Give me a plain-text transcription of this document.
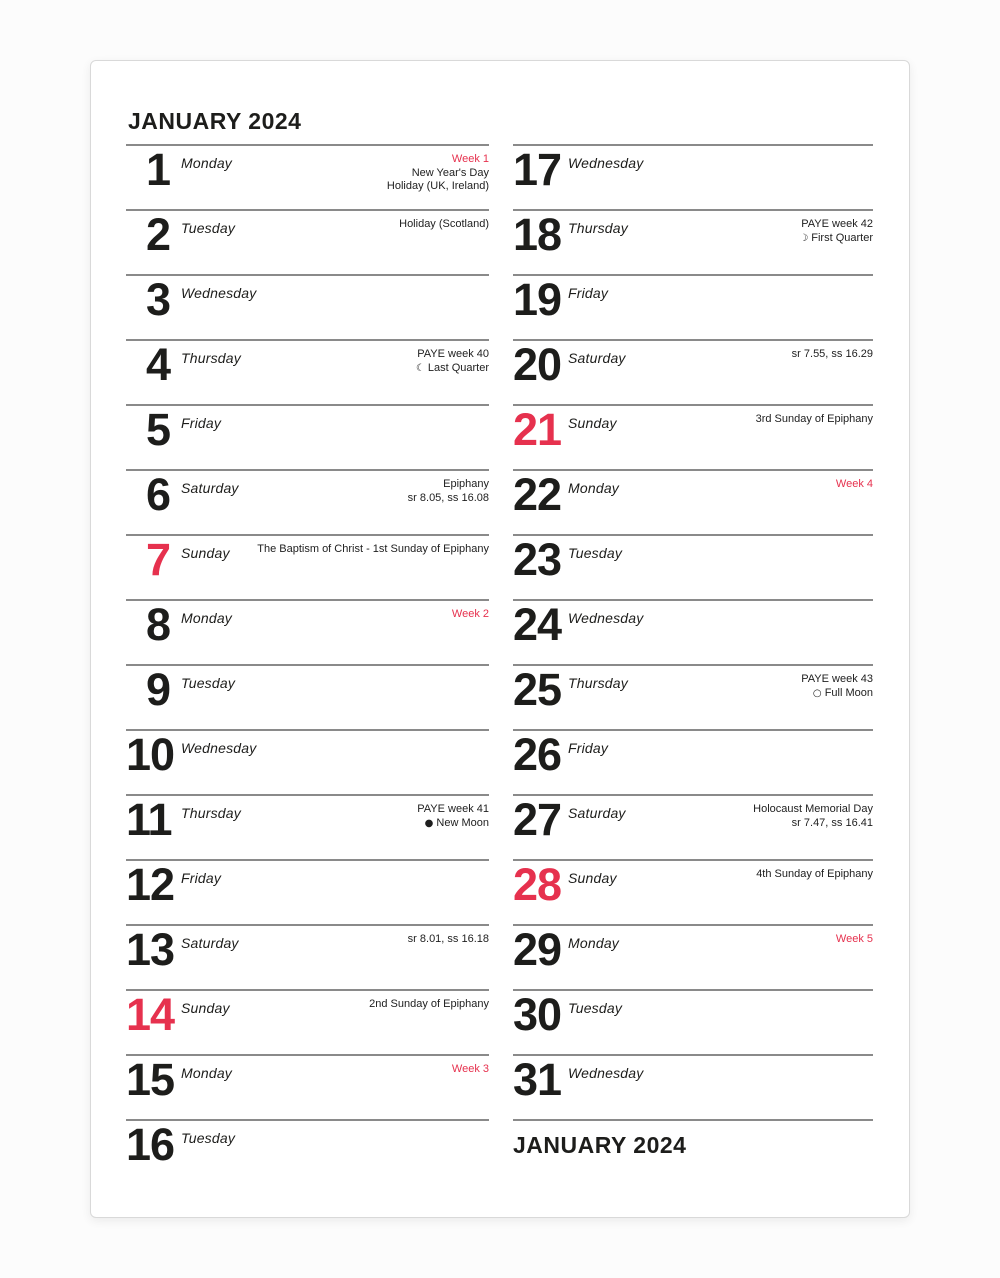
JANUARY 2024
1 Monday	Week 1
New Year's Day
Holiday (UK, Ireland)
2 Tuesday	Holiday (Scotland)
3 Wednesday
4 Thursday	PAYE week 40
☾ Last Quarter
5 Friday
6 Saturday	Epiphany
sr 8.05, ss 16.08
7 Sunday	The Baptism of Christ - 1st Sunday of Epiphany
8 Monday	Week 2
9 Tuesday
10 Wednesday
11 Thursday	PAYE week 41
● New Moon
12 Friday
13 Saturday	sr 8.01, ss 16.18
14 Sunday	2nd Sunday of Epiphany
15 Monday	Week 3
16 Tuesday
17 Wednesday
18 Thursday	PAYE week 42
☽ First Quarter
19 Friday
20 Saturday	sr 7.55, ss 16.29
21 Sunday	3rd Sunday of Epiphany
22 Monday	Week 4
23 Tuesday
24 Wednesday
25 Thursday	PAYE week 43
○ Full Moon
26 Friday
27 Saturday	Holocaust Memorial Day
sr 7.47, ss 16.41
28 Sunday	4th Sunday of Epiphany
29 Monday	Week 5
30 Tuesday
31 Wednesday
JANUARY 2024
